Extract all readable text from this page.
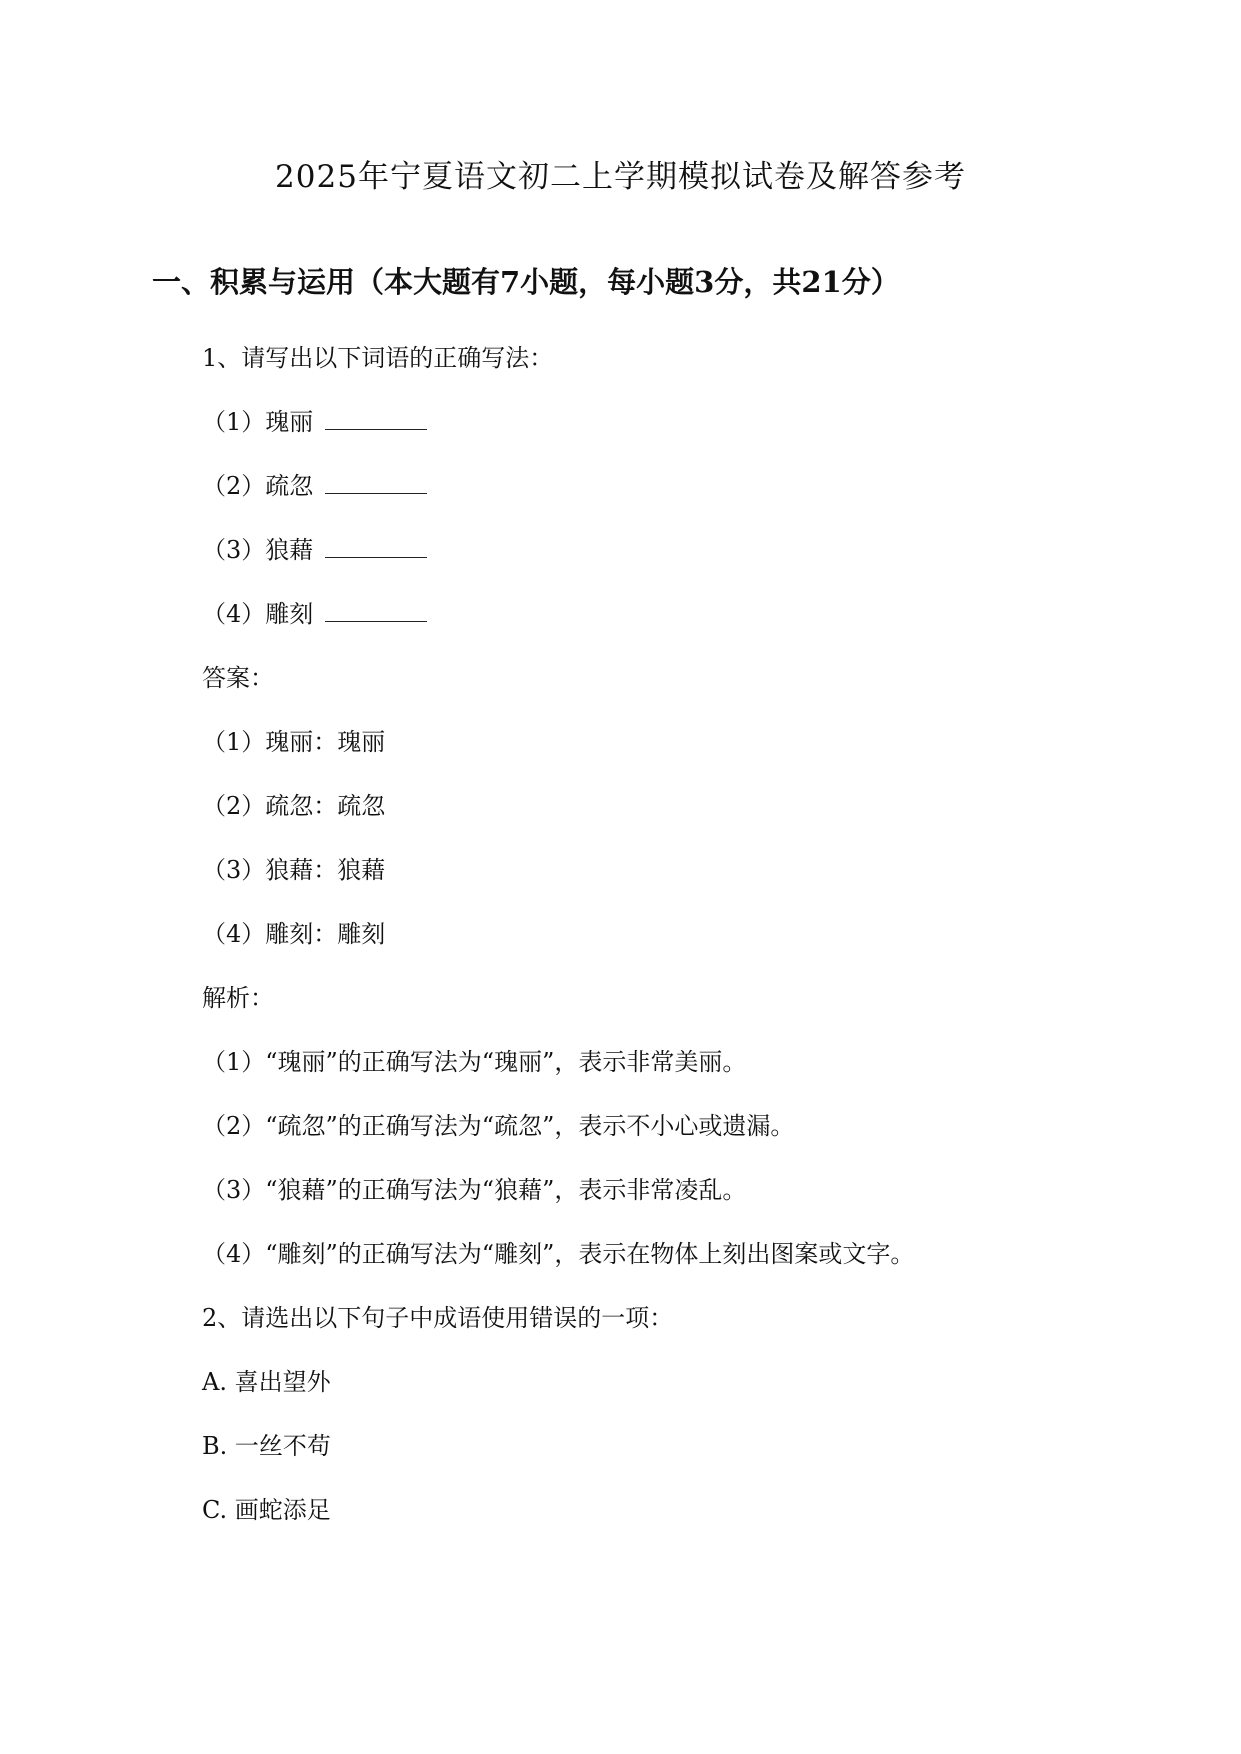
2025年宁夏语文初二上学期模拟试卷及解答参考
一、积累与运用（本大题有7小题，每小题3分，共21分）
1、请写出以下词语的正确写法：
（1）瑰丽
（2）疏忽
（3）狼藉
（4）雕刻
答案：
（1）瑰丽：瑰丽
（2）疏忽：疏忽
（3）狼藉：狼藉
（4）雕刻：雕刻
解析：
（1）“瑰丽”的正确写法为“瑰丽”，表示非常美丽。
（2）“疏忽”的正确写法为“疏忽”，表示不小心或遗漏。
（3）“狼藉”的正确写法为“狼藉”，表示非常凌乱。
（4）“雕刻”的正确写法为“雕刻”，表示在物体上刻出图案或文字。
2、请选出以下句子中成语使用错误的一项：
A. 喜出望外
B. 一丝不苟
C. 画蛇添足
